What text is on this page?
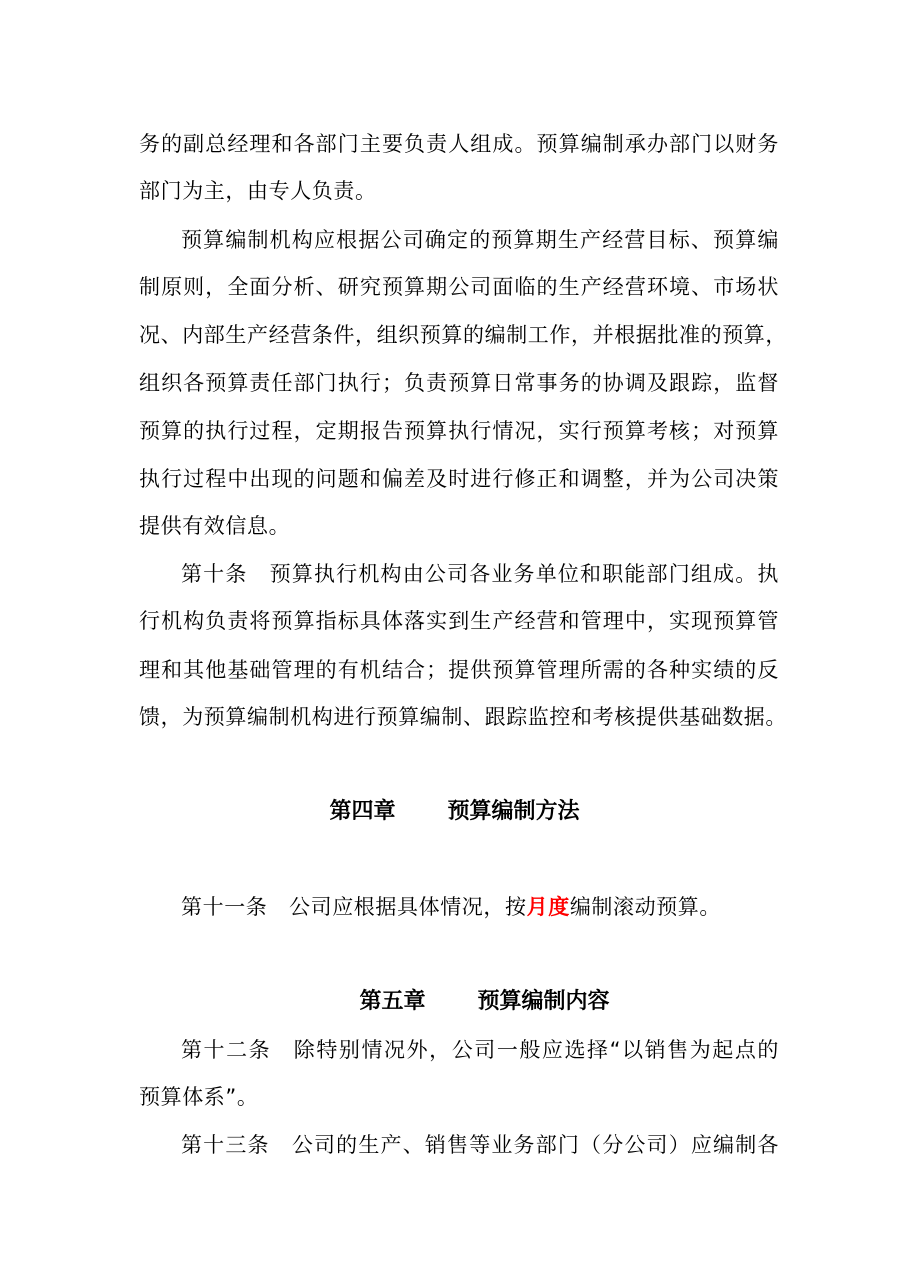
务的副总经理和各部门主要负责人组成。预算编制承办部门以财务
部门为主，由专人负责。
预算编制机构应根据公司确定的预算期生产经营目标、预算编
制原则，全面分析、研究预算期公司面临的生产经营环境、市场状
况、内部生产经营条件，组织预算的编制工作，并根据批准的预算，
组织各预算责任部门执行；负责预算日常事务的协调及跟踪，监督
预算的执行过程，定期报告预算执行情况，实行预算考核；对预算
执行过程中出现的问题和偏差及时进行修正和调整，并为公司决策
提供有效信息。
第十条　预算执行机构由公司各业务单位和职能部门组成。执
行机构负责将预算指标具体落实到生产经营和管理中，实现预算管
理和其他基础管理的有机结合；提供预算管理所需的各种实绩的反
馈，为预算编制机构进行预算编制、跟踪监控和考核提供基础数据。
第四章 预算编制方法
第十一条　公司应根据具体情况，按月度编制滚动预算。
第五章 预算编制内容
第十二条　除特别情况外，公司一般应选择“以销售为起点的
预算体系”。
第十三条　公司的生产、销售等业务部门（分公司）应编制各
